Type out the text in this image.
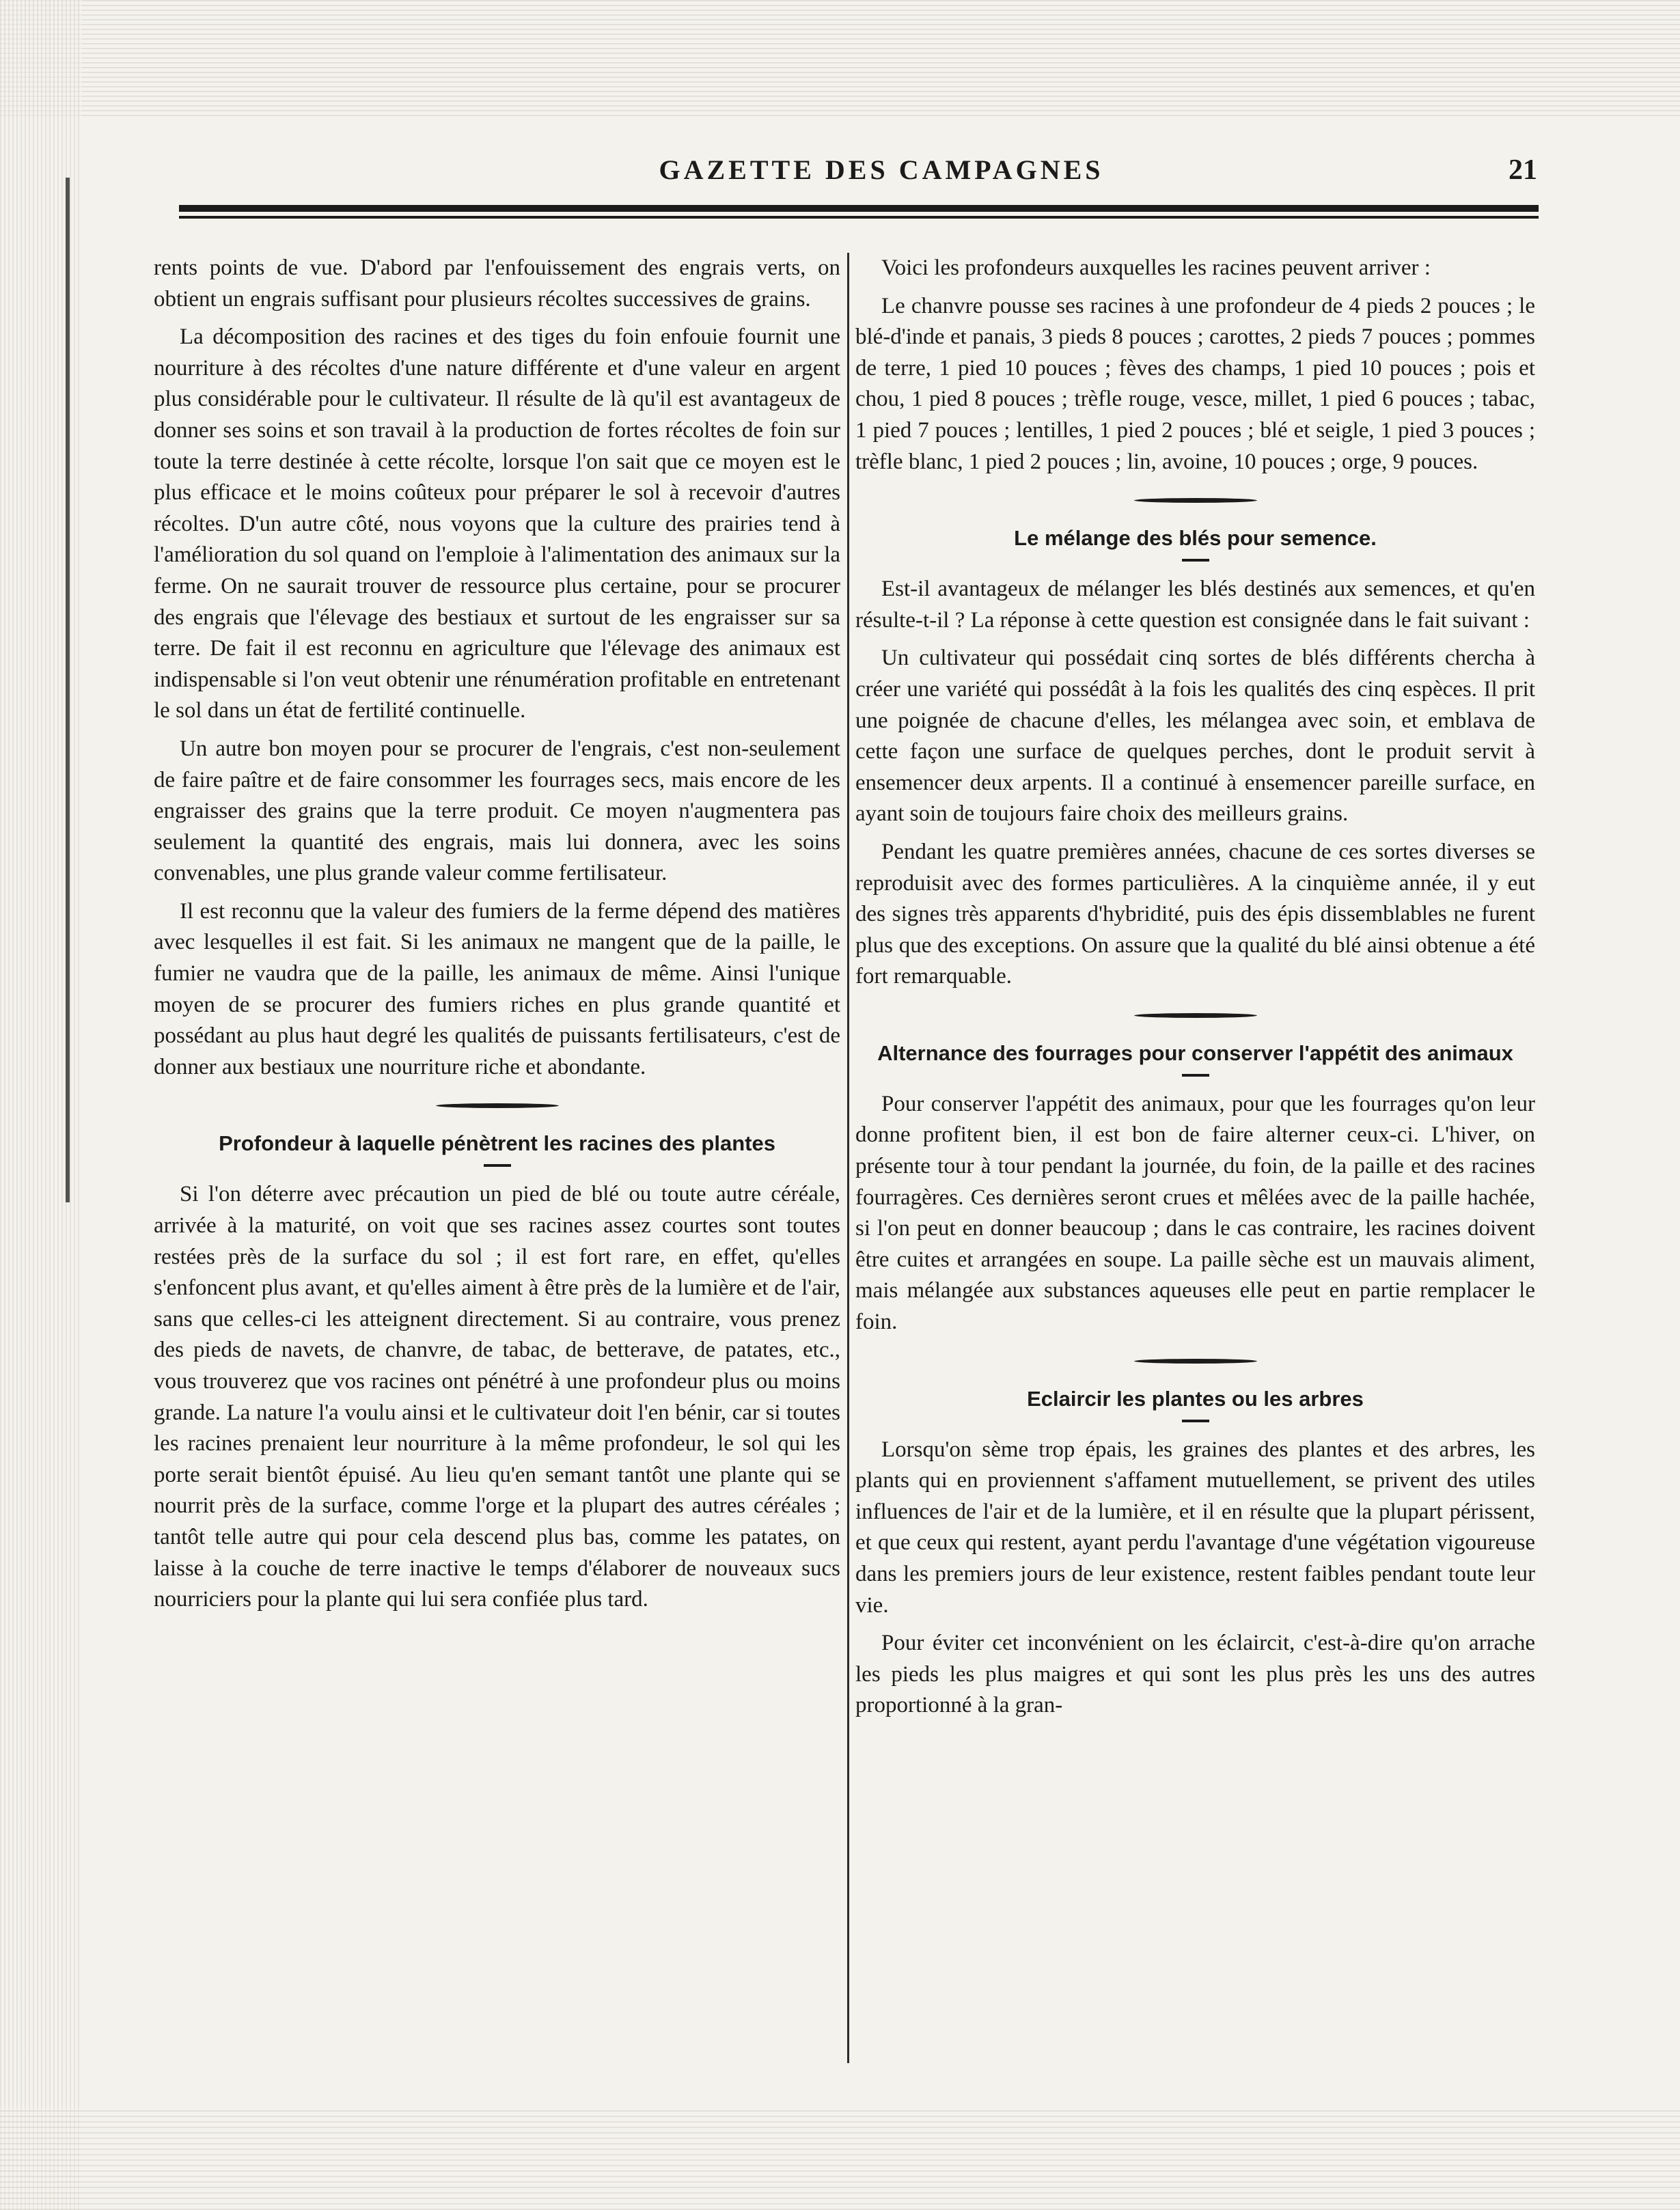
GAZETTE DES CAMPAGNES	21

rents points de vue. D'abord par l'enfouissement des engrais verts, on obtient un engrais suffisant pour plusieurs récoltes successives de grains.

La décomposition des racines et des tiges du foin enfouie fournit une nourriture à des récoltes d'une nature différente et d'une valeur en argent plus considérable pour le cultivateur. Il résulte de là qu'il est avantageux de donner ses soins et son travail à la production de fortes récoltes de foin sur toute la terre destinée à cette récolte, lorsque l'on sait que ce moyen est le plus efficace et le moins coûteux pour préparer le sol à recevoir d'autres récoltes. D'un autre côté, nous voyons que la culture des prairies tend à l'amélioration du sol quand on l'emploie à l'alimentation des animaux sur la ferme. On ne saurait trouver de ressource plus certaine, pour se procurer des engrais que l'élevage des bestiaux et surtout de les engraisser sur sa terre. De fait il est reconnu en agriculture que l'élevage des animaux est indispensable si l'on veut obtenir une rénumération profitable en entretenant le sol dans un état de fertilité continuelle.

Un autre bon moyen pour se procurer de l'engrais, c'est non-seulement de faire paître et de faire consommer les fourrages secs, mais encore de les engraisser des grains que la terre produit. Ce moyen n'augmentera pas seulement la quantité des engrais, mais lui donnera, avec les soins convenables, une plus grande valeur comme fertilisateur.

Il est reconnu que la valeur des fumiers de la ferme dépend des matières avec lesquelles il est fait. Si les animaux ne mangent que de la paille, le fumier ne vaudra que de la paille, les animaux de même. Ainsi l'unique moyen de se procurer des fumiers riches en plus grande quantité et possédant au plus haut degré les qualités de puissants fertilisateurs, c'est de donner aux bestiaux une nourriture riche et abondante.

Profondeur à laquelle pénètrent les racines des plantes

Si l'on déterre avec précaution un pied de blé ou toute autre céréale, arrivée à la maturité, on voit que ses racines assez courtes sont toutes restées près de la surface du sol ; il est fort rare, en effet, qu'elles s'enfoncent plus avant, et qu'elles aiment à être près de la lumière et de l'air, sans que celles-ci les atteignent directement. Si au contraire, vous prenez des pieds de navets, de chanvre, de tabac, de betterave, de patates, etc., vous trouverez que vos racines ont pénétré à une profondeur plus ou moins grande. La nature l'a voulu ainsi et le cultivateur doit l'en bénir, car si toutes les racines prenaient leur nourriture à la même profondeur, le sol qui les porte serait bientôt épuisé. Au lieu qu'en semant tantôt une plante qui se nourrit près de la surface, comme l'orge et la plupart des autres céréales ; tantôt telle autre qui pour cela descend plus bas, comme les patates, on laisse à la couche de terre inactive le temps d'élaborer de nouveaux sucs nourriciers pour la plante qui lui sera confiée plus tard.

Voici les profondeurs auxquelles les racines peuvent arriver :

Le chanvre pousse ses racines à une profondeur de 4 pieds 2 pouces ; le blé-d'inde et panais, 3 pieds 8 pouces ; carottes, 2 pieds 7 pouces ; pommes de terre, 1 pied 10 pouces ; fèves des champs, 1 pied 10 pouces ; pois et chou, 1 pied 8 pouces ; trèfle rouge, vesce, millet, 1 pied 6 pouces ; tabac, 1 pied 7 pouces ; lentilles, 1 pied 2 pouces ; blé et seigle, 1 pied 3 pouces ; trèfle blanc, 1 pied 2 pouces ; lin, avoine, 10 pouces ; orge, 9 pouces.

Le mélange des blés pour semence.

Est-il avantageux de mélanger les blés destinés aux semences, et qu'en résulte-t-il ? La réponse à cette question est consignée dans le fait suivant :

Un cultivateur qui possédait cinq sortes de blés différents chercha à créer une variété qui possédât à la fois les qualités des cinq espèces. Il prit une poignée de chacune d'elles, les mélangea avec soin, et emblava de cette façon une surface de quelques perches, dont le produit servit à ensemencer deux arpents. Il a continué à ensemencer pareille surface, en ayant soin de toujours faire choix des meilleurs grains.

Pendant les quatre premières années, chacune de ces sortes diverses se reproduisit avec des formes particulières. A la cinquième année, il y eut des signes très apparents d'hybridité, puis des épis dissemblables ne furent plus que des exceptions. On assure que la qualité du blé ainsi obtenue a été fort remarquable.

Alternance des fourrages pour conserver l'appétit des animaux

Pour conserver l'appétit des animaux, pour que les fourrages qu'on leur donne profitent bien, il est bon de faire alterner ceux-ci. L'hiver, on présente tour à tour pendant la journée, du foin, de la paille et des racines fourragères. Ces dernières seront crues et mêlées avec de la paille hachée, si l'on peut en donner beaucoup ; dans le cas contraire, les racines doivent être cuites et arrangées en soupe. La paille sèche est un mauvais aliment, mais mélangée aux substances aqueuses elle peut en partie remplacer le foin.

Eclaircir les plantes ou les arbres

Lorsqu'on sème trop épais, les graines des plantes et des arbres, les plants qui en proviennent s'affament mutuellement, se privent des utiles influences de l'air et de la lumière, et il en résulte que la plupart périssent, et que ceux qui restent, ayant perdu l'avantage d'une végétation vigoureuse dans les premiers jours de leur existence, restent faibles pendant toute leur vie.

Pour éviter cet inconvénient on les éclaircit, c'est-à-dire qu'on arrache les pieds les plus maigres et qui sont les plus près les uns des autres proportionné à la gran-
